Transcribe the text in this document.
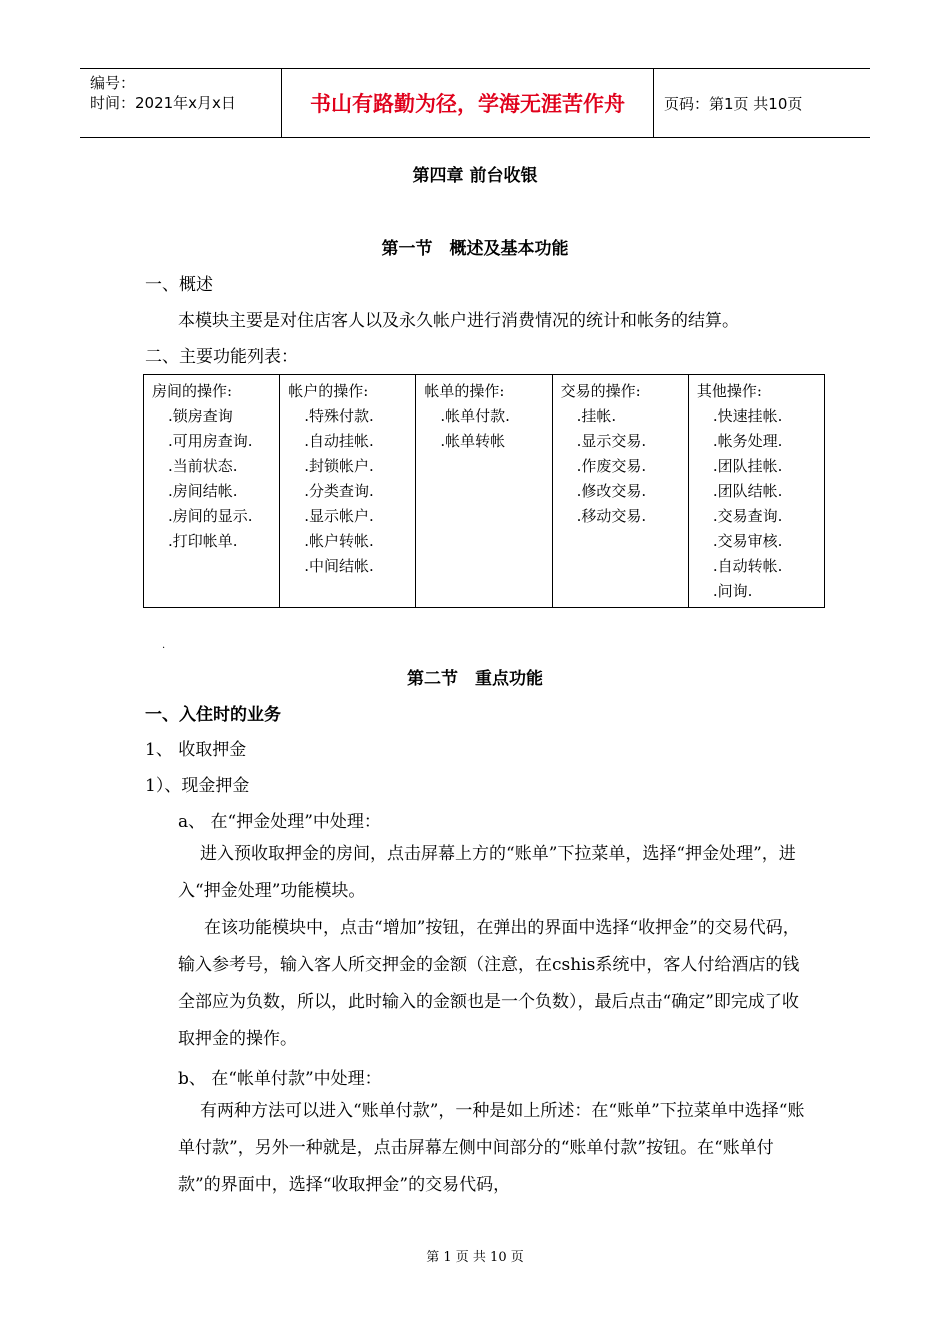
编号：
时间：2021年x月x日	书山有路勤为径，学海无涯苦作舟	页码：第1页 共10页
第四章 前台收银
第一节　概述及基本功能
一、概述
本模块主要是对住店客人以及永久帐户进行消费情况的统计和帐务的结算。
二、主要功能列表：
房间的操作:
.锁房查询
.可用房查询.
.当前状态.
.房间结帐.
.房间的显示.
.打印帐单.
帐户的操作:
.特殊付款.
.自动挂帐.
.封锁帐户.
.分类查询.
.显示帐户.
.帐户转帐.
.中间结帐.
帐单的操作:
.帐单付款.
.帐单转帐
交易的操作:
.挂帐.
.显示交易.
.作废交易.
.修改交易.
.移动交易.
其他操作:
.快速挂帐.
.帐务处理.
.团队挂帐.
.团队结帐.
.交易查询.
.交易审核.
.自动转帐.
.问询.
.
第二节　重点功能
一、入住时的业务
1、 收取押金
1）、现金押金
a、 在“押金处理”中处理：
进入预收取押金的房间，点击屏幕上方的“账单”下拉菜单，选择“押金处理”，进入“押金处理”功能模块。
在该功能模块中，点击“增加”按钮，在弹出的界面中选择“收押金”的交易代码，输入参考号，输入客人所交押金的金额（注意，在cshis系统中，客人付给酒店的钱全部应为负数，所以，此时输入的金额也是一个负数），最后点击“确定”即完成了收取押金的操作。
b、 在“帐单付款”中处理：
有两种方法可以进入“账单付款”，一种是如上所述：在“账单”下拉菜单中选择“账单付款”，另外一种就是，点击屏幕左侧中间部分的“账单付款”按钮。在“账单付款”的界面中，选择“收取押金”的交易代码，
第 1 页 共 10 页
